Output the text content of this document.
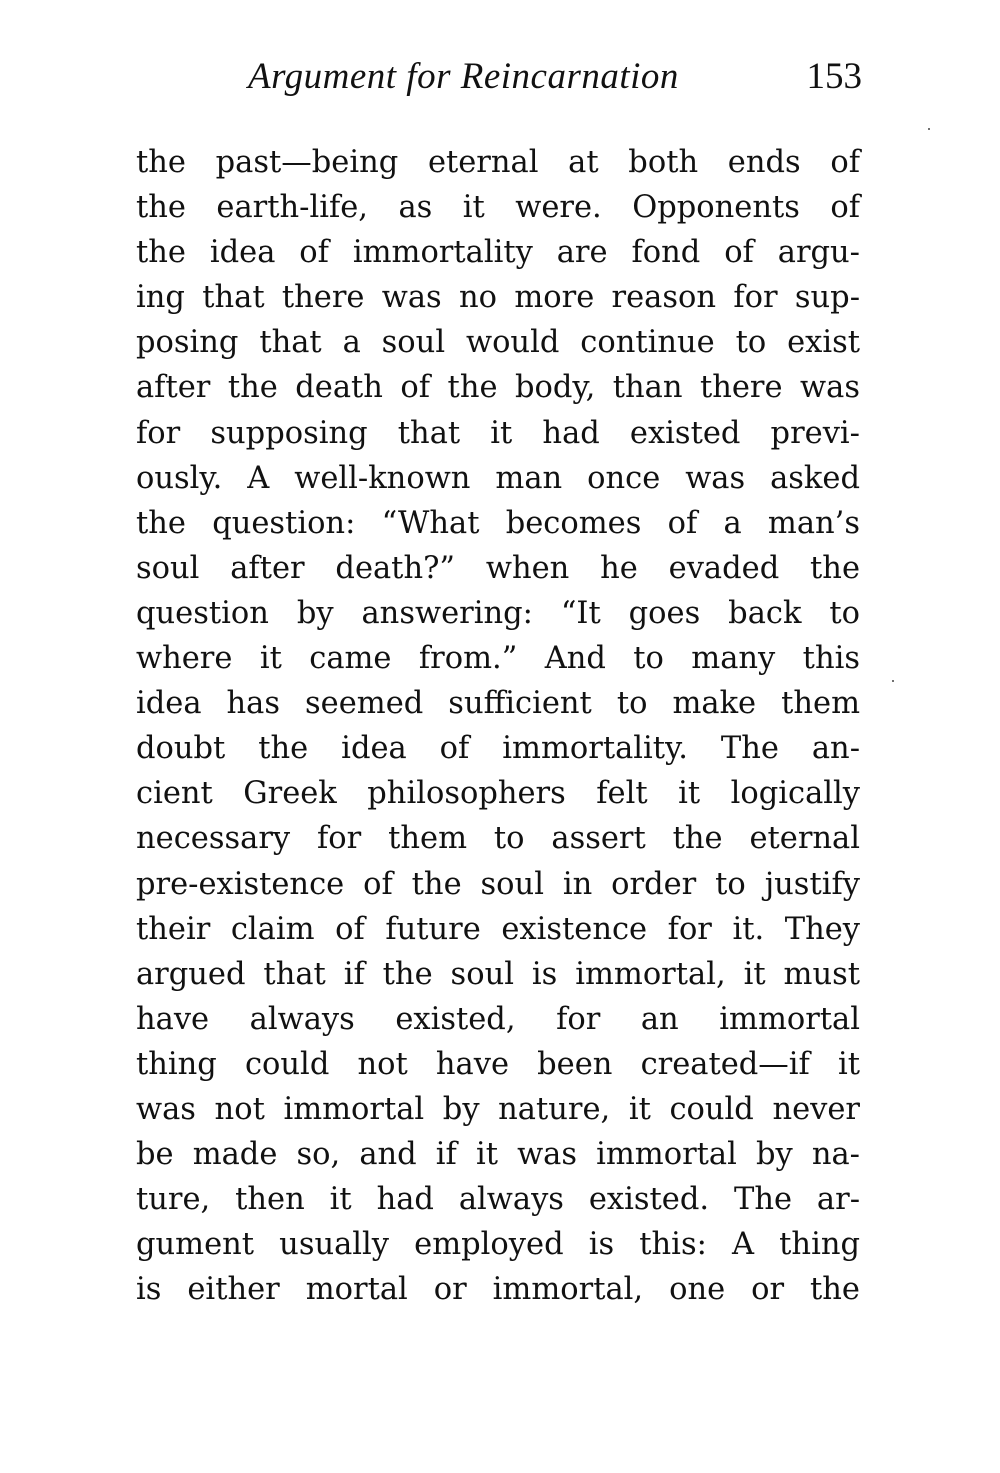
Argument for Reincarnation	153
the past—being eternal at both ends of
the earth-life, as it were. Opponents of
the idea of immortality are fond of argu-
ing that there was no more reason for sup-
posing that a soul would continue to exist
after the death of the body, than there was
for supposing that it had existed previ-
ously. A well-known man once was asked
the question: “What becomes of a man’s
soul after death?” when he evaded the
question by answering: “It goes back to
where it came from.” And to many this
idea has seemed sufficient to make them
doubt the idea of immortality. The an-
cient Greek philosophers felt it logically
necessary for them to assert the eternal
pre-existence of the soul in order to justify
their claim of future existence for it. They
argued that if the soul is immortal, it must
have always existed, for an immortal
thing could not have been created—if it
was not immortal by nature, it could never
be made so, and if it was immortal by na-
ture, then it had always existed. The ar-
gument usually employed is this: A thing
is either mortal or immortal, one or the
